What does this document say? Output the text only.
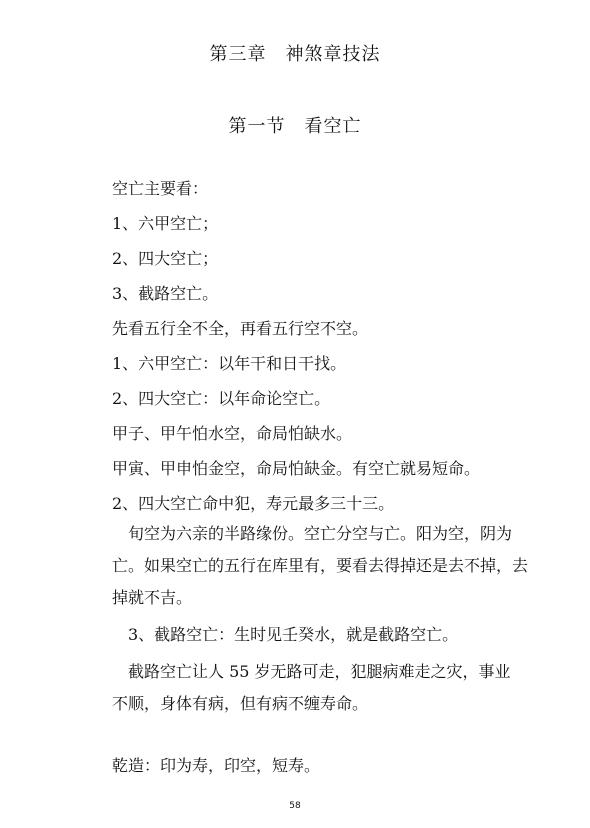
第三章　神煞章技法
第一节　看空亡
空亡主要看：
1、六甲空亡；
2、四大空亡；
3、截路空亡。
先看五行全不全，再看五行空不空。
1、六甲空亡：以年干和日干找。
2、四大空亡：以年命论空亡。
甲子、甲午怕水空，命局怕缺水。
甲寅、甲申怕金空，命局怕缺金。有空亡就易短命。
2、四大空亡命中犯，寿元最多三十三。
　旬空为六亲的半路缘份。空亡分空与亡。阳为空，阴为
亡。如果空亡的五行在库里有，要看去得掉还是去不掉，去
掉就不吉。
　3、截路空亡：生时见壬癸水，就是截路空亡。
　截路空亡让人 55 岁无路可走，犯腿病难走之灾，事业
不顺，身体有病，但有病不缠寿命。
乾造：印为寿，印空，短寿。
58
